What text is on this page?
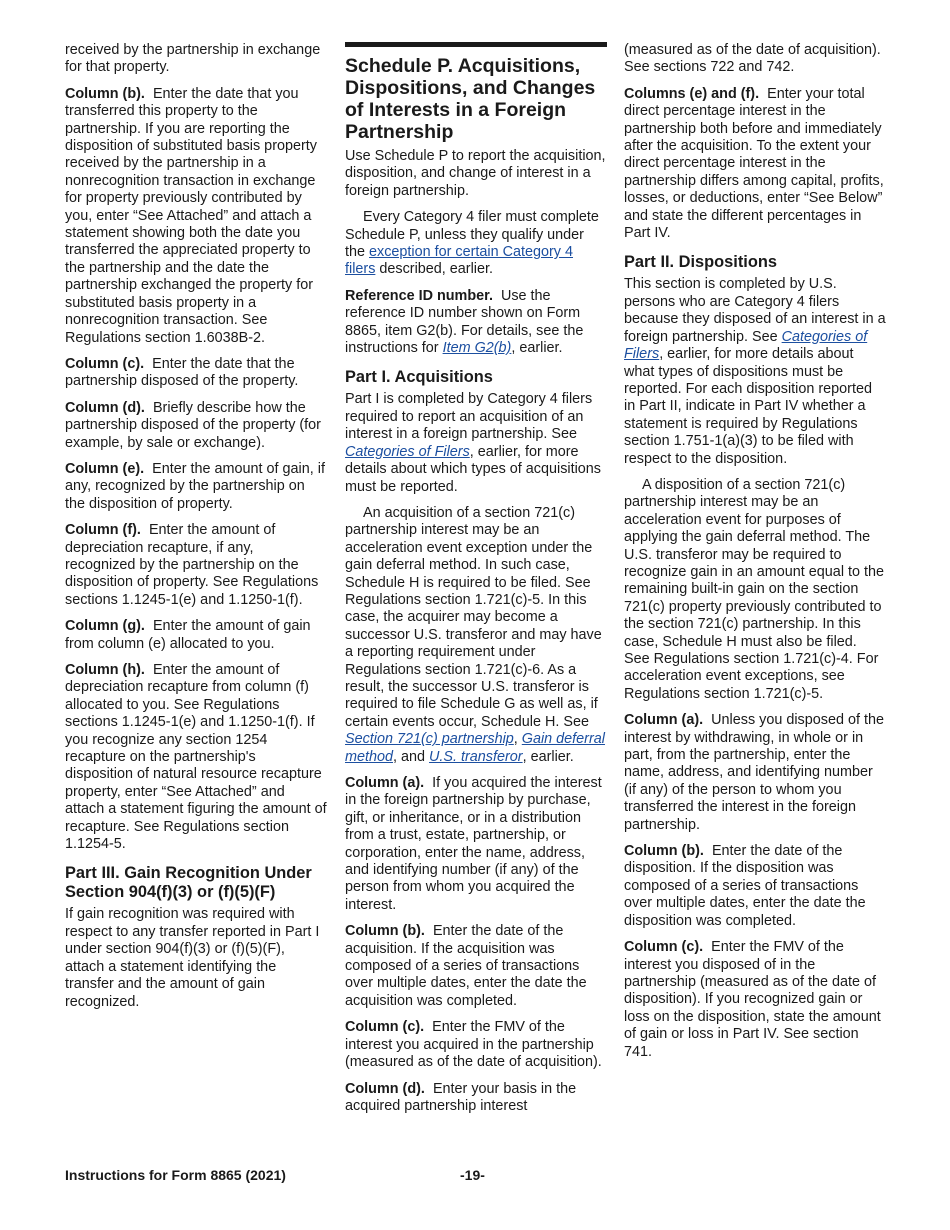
received by the partnership in exchange for that property.

Column (b). Enter the date that you transferred this property to the partnership. If you are reporting the disposition of substituted basis property received by the partnership in a nonrecognition transaction in exchange for property previously contributed by you, enter “See Attached” and attach a statement showing both the date you transferred the appreciated property to the partnership and the date the partnership exchanged the property for substituted basis property in a nonrecognition transaction. See Regulations section 1.6038B-2.

Column (c). Enter the date that the partnership disposed of the property.

Column (d). Briefly describe how the partnership disposed of the property (for example, by sale or exchange).

Column (e). Enter the amount of gain, if any, recognized by the partnership on the disposition of property.

Column (f). Enter the amount of depreciation recapture, if any, recognized by the partnership on the disposition of property. See Regulations sections 1.1245-1(e) and 1.1250-1(f).

Column (g). Enter the amount of gain from column (e) allocated to you.

Column (h). Enter the amount of depreciation recapture from column (f) allocated to you. See Regulations sections 1.1245-1(e) and 1.1250-1(f). If you recognize any section 1254 recapture on the partnership's disposition of natural resource recapture property, enter “See Attached” and attach a statement figuring the amount of recapture. See Regulations section 1.1254-5.

Part III. Gain Recognition Under Section 904(f)(3) or (f)(5)(F)

If gain recognition was required with respect to any transfer reported in Part I under section 904(f)(3) or (f)(5)(F), attach a statement identifying the transfer and the amount of gain recognized.

Schedule P. Acquisitions, Dispositions, and Changes of Interests in a Foreign Partnership

Use Schedule P to report the acquisition, disposition, and change of interest in a foreign partnership.

Every Category 4 filer must complete Schedule P, unless they qualify under the exception for certain Category 4 filers described, earlier.

Reference ID number. Use the reference ID number shown on Form 8865, item G2(b). For details, see the instructions for Item G2(b), earlier.

Part I. Acquisitions

Part I is completed by Category 4 filers required to report an acquisition of an interest in a foreign partnership. See Categories of Filers, earlier, for more details about which types of acquisitions must be reported.

An acquisition of a section 721(c) partnership interest may be an acceleration event exception under the gain deferral method. In such case, Schedule H is required to be filed. See Regulations section 1.721(c)-5. In this case, the acquirer may become a successor U.S. transferor and may have a reporting requirement under Regulations section 1.721(c)-6. As a result, the successor U.S. transferor is required to file Schedule G as well as, if certain events occur, Schedule H. See Section 721(c) partnership, Gain deferral method, and U.S. transferor, earlier.

Column (a). If you acquired the interest in the foreign partnership by purchase, gift, or inheritance, or in a distribution from a trust, estate, partnership, or corporation, enter the name, address, and identifying number (if any) of the person from whom you acquired the interest.

Column (b). Enter the date of the acquisition. If the acquisition was composed of a series of transactions over multiple dates, enter the date the acquisition was completed.

Column (c). Enter the FMV of the interest you acquired in the partnership (measured as of the date of acquisition).

Column (d). Enter your basis in the acquired partnership interest

(measured as of the date of acquisition). See sections 722 and 742.

Columns (e) and (f). Enter your total direct percentage interest in the partnership both before and immediately after the acquisition. To the extent your direct percentage interest in the partnership differs among capital, profits, losses, or deductions, enter “See Below” and state the different percentages in Part IV.

Part II. Dispositions

This section is completed by U.S. persons who are Category 4 filers because they disposed of an interest in a foreign partnership. See Categories of Filers, earlier, for more details about what types of dispositions must be reported. For each disposition reported in Part II, indicate in Part IV whether a statement is required by Regulations section 1.751-1(a)(3) to be filed with respect to the disposition.

A disposition of a section 721(c) partnership interest may be an acceleration event for purposes of applying the gain deferral method. The U.S. transferor may be required to recognize gain in an amount equal to the remaining built-in gain on the section 721(c) property previously contributed to the section 721(c) partnership. In this case, Schedule H must also be filed. See Regulations section 1.721(c)-4. For acceleration event exceptions, see Regulations section 1.721(c)-5.

Column (a). Unless you disposed of the interest by withdrawing, in whole or in part, from the partnership, enter the name, address, and identifying number (if any) of the person to whom you transferred the interest in the foreign partnership.

Column (b). Enter the date of the disposition. If the disposition was composed of a series of transactions over multiple dates, enter the date the disposition was completed.

Column (c). Enter the FMV of the interest you disposed of in the partnership (measured as of the date of disposition). If you recognized gain or loss on the disposition, state the amount of gain or loss in Part IV. See section 741.

Instructions for Form 8865 (2021)	-19-
